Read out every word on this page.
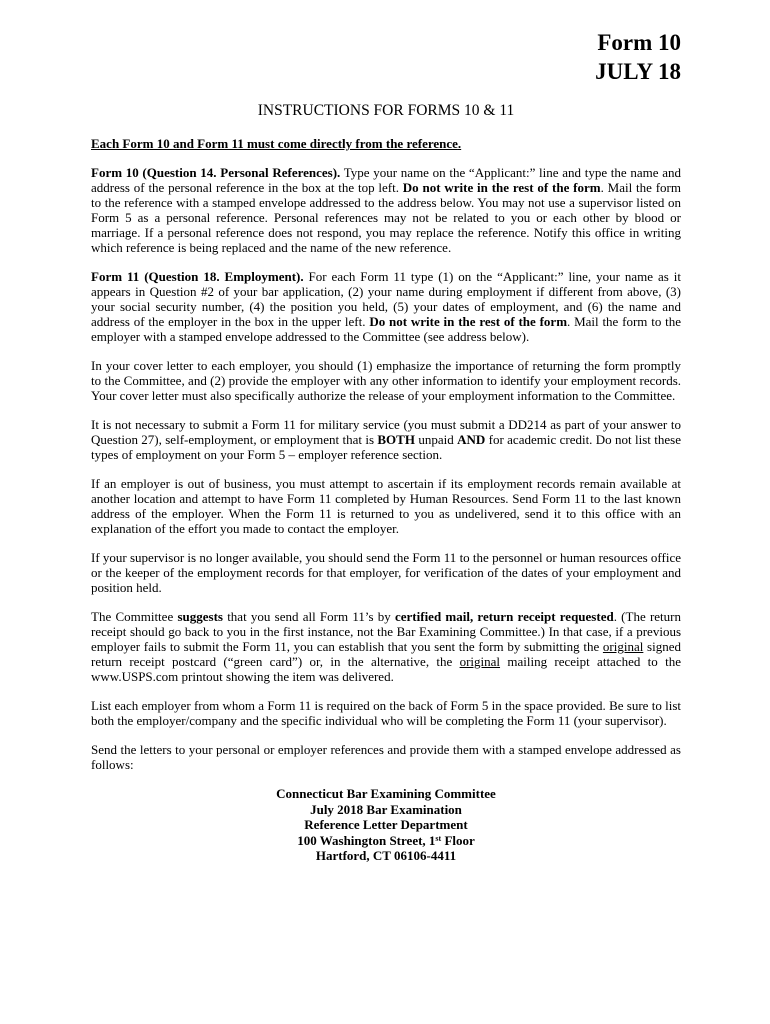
Form 10
JULY 18
INSTRUCTIONS FOR FORMS 10 & 11
Each Form 10 and Form 11 must come directly from the reference.

Form 10 (Question 14. Personal References). Type your name on the “Applicant:” line and type the name and address of the personal reference in the box at the top left. Do not write in the rest of the form. Mail the form to the reference with a stamped envelope addressed to the address below. You may not use a supervisor listed on Form 5 as a personal reference. Personal references may not be related to you or each other by blood or marriage. If a personal reference does not respond, you may replace the reference. Notify this office in writing which reference is being replaced and the name of the new reference.

Form 11 (Question 18. Employment). For each Form 11 type (1) on the “Applicant:” line, your name as it appears in Question #2 of your bar application, (2) your name during employment if different from above, (3) your social security number, (4) the position you held, (5) your dates of employment, and (6) the name and address of the employer in the box in the upper left. Do not write in the rest of the form. Mail the form to the employer with a stamped envelope addressed to the Committee (see address below).

In your cover letter to each employer, you should (1) emphasize the importance of returning the form promptly to the Committee, and (2) provide the employer with any other information to identify your employment records. Your cover letter must also specifically authorize the release of your employment information to the Committee.

It is not necessary to submit a Form 11 for military service (you must submit a DD214 as part of your answer to Question 27), self-employment, or employment that is BOTH unpaid AND for academic credit. Do not list these types of employment on your Form 5 – employer reference section.

If an employer is out of business, you must attempt to ascertain if its employment records remain available at another location and attempt to have Form 11 completed by Human Resources. Send Form 11 to the last known address of the employer. When the Form 11 is returned to you as undelivered, send it to this office with an explanation of the effort you made to contact the employer.

If your supervisor is no longer available, you should send the Form 11 to the personnel or human resources office or the keeper of the employment records for that employer, for verification of the dates of your employment and position held.

The Committee suggests that you send all Form 11’s by certified mail, return receipt requested. (The return receipt should go back to you in the first instance, not the Bar Examining Committee.) In that case, if a previous employer fails to submit the Form 11, you can establish that you sent the form by submitting the original signed return receipt postcard (“green card”) or, in the alternative, the original mailing receipt attached to the www.USPS.com printout showing the item was delivered.

List each employer from whom a Form 11 is required on the back of Form 5 in the space provided. Be sure to list both the employer/company and the specific individual who will be completing the Form 11 (your supervisor).

Send the letters to your personal or employer references and provide them with a stamped envelope addressed as follows:

Connecticut Bar Examining Committee
July 2018 Bar Examination
Reference Letter Department
100 Washington Street, 1st Floor
Hartford, CT 06106-4411
